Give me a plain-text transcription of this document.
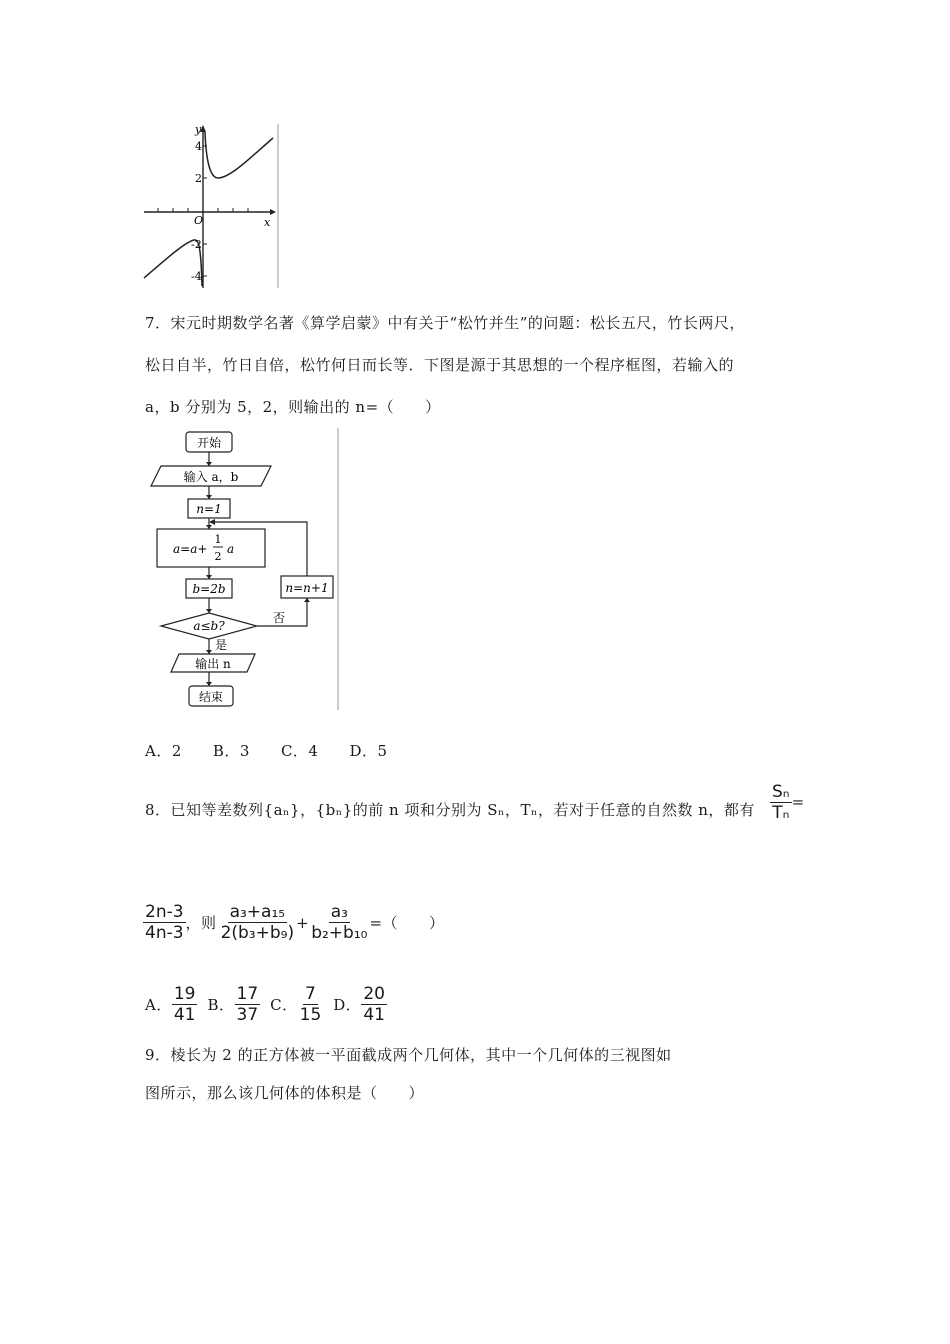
y
x
O
4
2
-2
-4
7．宋元时期数学名著《算学启蒙》中有关于“松竹并生”的问题：松长五尺，竹长两尺，
松日自半，竹日自倍，松竹何日而长等．下图是源于其思想的一个程序框图，若输入的
a，b 分别为 5，2，则输出的 n=（　　）
开始
输入 a，b
n=1
a=a+
1
2
a
b=2b	n=n+1
a≤b?
否
是
输出 n
结束
A．2　　B．3　　C．4　　D．5
8．已知等差数列{aₙ}，{bₙ}的前 n 项和分别为 Sₙ，Tₙ，若对于任意的自然数 n，都有 $\frac{\text{Sₙ}}{\text{Tₙ}}$ =
$\frac{2n-3}{4n-3}$ ，则 $\frac{\text{a₃+a₁₅}}{\text{2(b₃+b₉)}} + \frac{\text{a₃}}{\text{b₂+b₁₀}}$ =（　　）
A． $\frac{19}{41}$ B． $\frac{17}{37}$ C． $\frac{7}{15}$ D． $\frac{20}{41}$
9．棱长为 2 的正方体被一平面截成两个几何体，其中一个几何体的三视图如
图所示，那么该几何体的体积是（　　）
